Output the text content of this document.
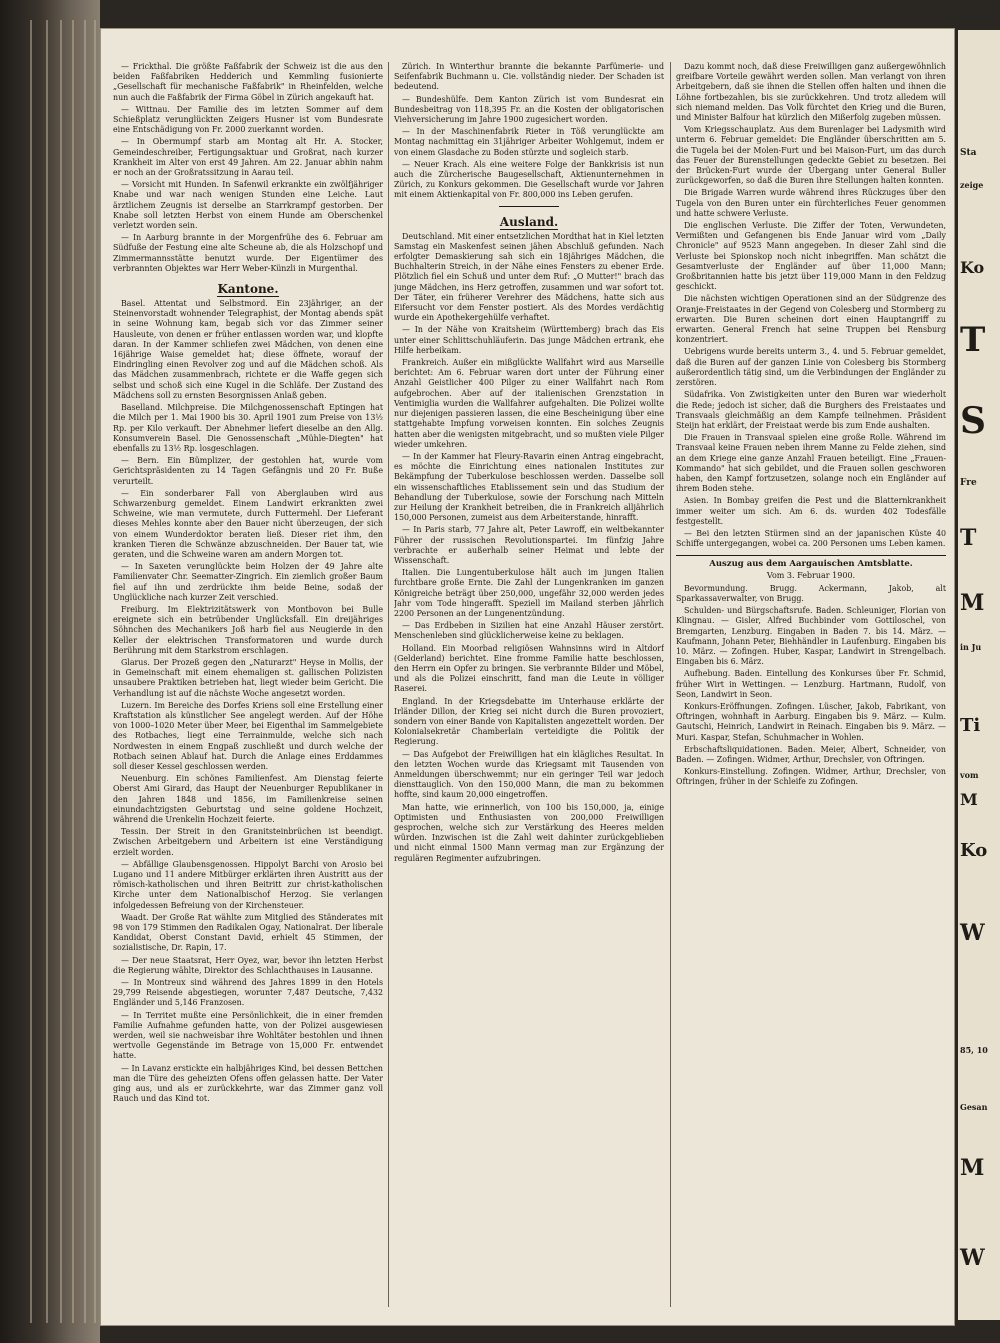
— Frickthal. Die größte Faßfabrik der Schweiz ist die aus den beiden Faßfabriken Hedderich und Kemmling fusionierte „Gesellschaft für mechanische Faßfabrik" in Rheinfelden, welche nun auch die Faßfabrik der Firma Göbel in Zürich angekauft hat.

— Wittnau. Der Familie des im letzten Sommer auf dem Schießplatz verunglückten Zeigers Husner ist vom Bundesrate eine Entschädigung von Fr. 2000 zuerkannt worden.

— In Obermumpf starb am Montag alt Hr. A. Stocker, Gemeindeschreiber, Fertigungsaktuar und Großrat, nach kurzer Krankheit im Alter von erst 49 Jahren. Am 22. Januar abhin nahm er noch an der Großratssitzung in Aarau teil.

— Vorsicht mit Hunden. In Safenwil erkrankte ein zwölfjähriger Knabe und war nach wenigen Stunden eine Leiche. Laut ärztlichem Zeugnis ist derselbe an Starrkrampf gestorben. Der Knabe soll letzten Herbst von einem Hunde am Oberschenkel verletzt worden sein.

— In Aarburg brannte in der Morgenfrühe des 6. Februar am Südfuße der Festung eine alte Scheune ab, die als Holzschopf und Zimmermannsstätte benutzt wurde. Der Eigentümer des verbrannten Objektes war Herr Weber-Künzli in Murgenthal.

Kantone.

Basel. Attentat und Selbstmord. Ein 23jähriger, an der Steinenvorstadt wohnender Telegraphist, der Montag abends spät in seine Wohnung kam, begab sich vor das Zimmer seiner Hausleute, von denen er früher entlassen worden war, und klopfte daran. In der Kammer schliefen zwei Mädchen, von denen eine 16jährige Waise gemeldet hat; diese öffnete, worauf der Eindringling einen Revolver zog und auf die Mädchen schoß. Als das Mädchen zusammenbrach, richtete er die Waffe gegen sich selbst und schoß sich eine Kugel in die Schläfe. Der Zustand des Mädchens soll zu ernsten Besorgnissen Anlaß geben.

Baselland. Milchpreise. Die Milchgenossenschaft Eptingen hat die Milch per 1. Mai 1900 bis 30. April 1901 zum Preise von 13½ Rp. per Kilo verkauft. Der Abnehmer liefert dieselbe an den Allg. Konsumverein Basel. Die Genossenschaft „Mühle-Diegten" hat ebenfalls zu 13½ Rp. losgeschlagen.

— Bern. Ein Bümplizer, der gestohlen hat, wurde vom Gerichtspräsidenten zu 14 Tagen Gefängnis und 20 Fr. Buße verurteilt.

— Ein sonderbarer Fall von Aberglauben wird aus Schwarzenburg gemeldet. Einem Landwirt erkrankten zwei Schweine, wie man vermutete, durch Futtermehl. Der Lieferant dieses Mehles konnte aber den Bauer nicht überzeugen, der sich von einem Wunderdoktor beraten ließ. Dieser riet ihm, den kranken Tieren die Schwänze abzuschneiden. Der Bauer tat, wie geraten, und die Schweine waren am andern Morgen tot.

— In Saxeten verunglückte beim Holzen der 49 Jahre alte Familienvater Chr. Seematter-Zingrich. Ein ziemlich großer Baum fiel auf ihn und zerdrückte ihm beide Beine, sodaß der Unglückliche nach kurzer Zeit verschied.

Freiburg. Im Elektrizitätswerk von Montbovon bei Bulle ereignete sich ein betrübender Unglücksfall. Ein dreijähriges Söhnchen des Mechanikers Joß harb fiel aus Neugierde in den Keller der elektrischen Transformatoren und wurde durch Berührung mit dem Starkstrom erschlagen.

Glarus. Der Prozeß gegen den „Naturarzt" Heyse in Mollis, der in Gemeinschaft mit einem ehemaligen st. gallischen Polizisten unsaubere Praktiken betrieben hat, liegt wieder beim Gericht. Die Verhandlung ist auf die nächste Woche angesetzt worden.

Luzern. Im Bereiche des Dorfes Kriens soll eine Erstellung einer Kraftstation als künstlicher See angelegt werden. Auf der Höhe von 1000–1020 Meter über Meer, bei Eigenthal im Sammelgebiete des Rotbaches, liegt eine Terrainmulde, welche sich nach Nordwesten in einem Engpaß zuschließt und durch welche der Rotbach seinen Ablauf hat. Durch die Anlage eines Erddammes soll dieser Kessel geschlossen werden.

Neuenburg. Ein schönes Familienfest. Am Dienstag feierte Oberst Ami Girard, das Haupt der Neuenburger Republikaner in den Jahren 1848 und 1856, im Familienkreise seinen einundachtzigsten Geburtstag und seine goldene Hochzeit, während die Urenkelin Hochzeit feierte.

Tessin. Der Streit in den Granitsteinbrüchen ist beendigt. Zwischen Arbeitgebern und Arbeitern ist eine Verständigung erzielt worden.

— Abfällige Glaubensgenossen. Hippolyt Barchi von Arosio bei Lugano und 11 andere Mitbürger erklärten ihren Austritt aus der römisch-katholischen und ihren Beitritt zur christ-katholischen Kirche unter dem Nationalbischof Herzog. Sie verlangen infolgedessen Befreiung von der Kirchensteuer.

Waadt. Der Große Rat wählte zum Mitglied des Ständerates mit 98 von 179 Stimmen den Radikalen Ogay, Nationalrat. Der liberale Kandidat, Oberst Constant David, erhielt 45 Stimmen, der sozialistische, Dr. Rapin, 17.

— Der neue Staatsrat, Herr Oyez, war, bevor ihn letzten Herbst die Regierung wählte, Direktor des Schlachthauses in Lausanne.

— In Montreux sind während des Jahres 1899 in den Hotels 29,799 Reisende abgestiegen, worunter 7,487 Deutsche, 7,432 Engländer und 5,146 Franzosen.

— In Territet mußte eine Persönlichkeit, die in einer fremden Familie Aufnahme gefunden hatte, von der Polizei ausgewiesen werden, weil sie nachweisbar ihre Wohltäter bestohlen und ihnen wertvolle Gegenstände im Betrage von 15,000 Fr. entwendet hatte.

— In Lavanz erstickte ein halbjähriges Kind, bei dessen Bettchen man die Türe des geheizten Ofens offen gelassen hatte. Der Vater ging aus, und als er zurückkehrte, war das Zimmer ganz voll Rauch und das Kind tot.

Zürich. In Winterthur brannte die bekannte Parfümerie- und Seifenfabrik Buchmann u. Cie. vollständig nieder. Der Schaden ist bedeutend.

— Bundeshülfe. Dem Kanton Zürich ist vom Bundesrat ein Bundesbeitrag von 118,395 Fr. an die Kosten der obligatorischen Viehversicherung im Jahre 1900 zugesichert worden.

— In der Maschinenfabrik Rieter in Töß verunglückte am Montag nachmittag ein 31jähriger Arbeiter Wohlgemut, indem er von einem Glasdache zu Boden stürzte und sogleich starb.

— Neuer Krach. Als eine weitere Folge der Bankkrisis ist nun auch die Zürcherische Baugesellschaft, Aktienunternehmen in Zürich, zu Konkurs gekommen. Die Gesellschaft wurde vor Jahren mit einem Aktienkapital von Fr. 800,000 ins Leben gerufen.

Ausland.

Deutschland. Mit einer entsetzlichen Mordthat hat in Kiel letzten Samstag ein Maskenfest seinen jähen Abschluß gefunden. Nach erfolgter Demaskierung sah sich ein 18jähriges Mädchen, die Buchhalterin Streich, in der Nähe eines Fensters zu ebener Erde. Plötzlich fiel ein Schuß und unter dem Ruf: „O Mutter!" brach das junge Mädchen, ins Herz getroffen, zusammen und war sofort tot. Der Täter, ein früherer Verehrer des Mädchens, hatte sich aus Eifersucht vor dem Fenster postiert. Als des Mordes verdächtig wurde ein Apothekergehülfe verhaftet.

— In der Nähe von Kraitsheim (Württemberg) brach das Eis unter einer Schlittschuhläuferin. Das junge Mädchen ertrank, ehe Hilfe herbeikam.

Frankreich. Außer ein mißglückte Wallfahrt wird aus Marseille berichtet: Am 6. Februar waren dort unter der Führung einer Anzahl Geistlicher 400 Pilger zu einer Wallfahrt nach Rom aufgebrochen. Aber auf der italienischen Grenzstation in Ventimiglia wurden die Wallfahrer aufgehalten. Die Polizei wollte nur diejenigen passieren lassen, die eine Bescheinigung über eine stattgehabte Impfung vorweisen konnten. Ein solches Zeugnis hatten aber die wenigsten mitgebracht, und so mußten viele Pilger wieder umkehren.

— In der Kammer hat Fleury-Ravarin einen Antrag eingebracht, es möchte die Einrichtung eines nationalen Institutes zur Bekämpfung der Tuberkulose beschlossen werden. Dasselbe soll ein wissenschaftliches Etablissement sein und das Studium der Behandlung der Tuberkulose, sowie der Forschung nach Mitteln zur Heilung der Krankheit betreiben, die in Frankreich alljährlich 150,000 Personen, zumeist aus dem Arbeiterstande, hinrafft.

— In Paris starb, 77 Jahre alt, Peter Lawroff, ein weltbekannter Führer der russischen Revolutionspartei. Im fünfzig Jahre verbrachte er außerhalb seiner Heimat und lebte der Wissenschaft.

Italien. Die Lungentuberkulose hält auch im jungen Italien furchtbare große Ernte. Die Zahl der Lungenkranken im ganzen Königreiche beträgt über 250,000, ungefähr 32,000 werden jedes Jahr vom Tode hingerafft. Speziell im Mailand sterben jährlich 2200 Personen an der Lungenentzündung.

— Das Erdbeben in Sizilien hat eine Anzahl Häuser zerstört. Menschenleben sind glücklicherweise keine zu beklagen.

Holland. Ein Moorbad religiösen Wahnsinns wird in Altdorf (Gelderland) berichtet. Eine fromme Familie hatte beschlossen, den Herrn ein Opfer zu bringen. Sie verbrannte Bilder und Möbel, und als die Polizei einschritt, fand man die Leute in völliger Raserei.

England. In der Kriegsdebatte im Unterhause erklärte der Irländer Dillon, der Krieg sei nicht durch die Buren provoziert, sondern von einer Bande von Kapitalisten angezettelt worden. Der Kolonialsekretär Chamberlain verteidigte die Politik der Regierung.

— Das Aufgebot der Freiwilligen hat ein klägliches Resultat. In den letzten Wochen wurde das Kriegsamt mit Tausenden von Anmeldungen überschwemmt; nur ein geringer Teil war jedoch diensttauglich. Von den 150,000 Mann, die man zu bekommen hoffte, sind kaum 20,000 eingetroffen.

Man hatte, wie erinnerlich, von 100 bis 150,000, ja, einige Optimisten und Enthusiasten von 200,000 Freiwilligen gesprochen, welche sich zur Verstärkung des Heeres melden würden. Inzwischen ist die Zahl weit dahinter zurückgeblieben und nicht einmal 1500 Mann vermag man zur Ergänzung der regulären Regimenter aufzubringen.

Dazu kommt noch, daß diese Freiwilligen ganz außergewöhnlich greifbare Vorteile gewährt werden sollen. Man verlangt von ihren Arbeitgebern, daß sie ihnen die Stellen offen halten und ihnen die Löhne fortbezahlen, bis sie zurückkehren. Und trotz alledem will sich niemand melden. Das Volk fürchtet den Krieg und die Buren, und Minister Balfour hat kürzlich den Mißerfolg zugeben müssen.

Vom Kriegsschauplatz. Aus dem Burenlager bei Ladysmith wird unterm 6. Februar gemeldet: Die Engländer überschritten am 5. die Tugela bei der Molen-Furt und bei Maison-Furt, um das durch das Feuer der Burenstellungen gedeckte Gebiet zu besetzen. Bei der Brücken-Furt wurde der Übergang unter General Buller zurückgeworfen, so daß die Buren ihre Stellungen halten konnten.

Die Brigade Warren wurde während ihres Rückzuges über den Tugela von den Buren unter ein fürchterliches Feuer genommen und hatte schwere Verluste.

Die englischen Verluste. Die Ziffer der Toten, Verwundeten, Vermißten und Gefangenen bis Ende Januar wird vom „Daily Chronicle" auf 9523 Mann angegeben. In dieser Zahl sind die Verluste bei Spionskop noch nicht inbegriffen. Man schätzt die Gesamtverluste der Engländer auf über 11,000 Mann; Großbritannien hatte bis jetzt über 119,000 Mann in den Feldzug geschickt.

Die nächsten wichtigen Operationen sind an der Südgrenze des Oranje-Freistaates in der Gegend von Colesberg und Stormberg zu erwarten. Die Buren scheinen dort einen Hauptangriff zu erwarten. General French hat seine Truppen bei Rensburg konzentriert.

Uebrigens wurde bereits unterm 3., 4. und 5. Februar gemeldet, daß die Buren auf der ganzen Linie von Colesberg bis Stormberg außerordentlich tätig sind, um die Verbindungen der Engländer zu zerstören.

Südafrika. Von Zwistigkeiten unter den Buren war wiederholt die Rede; jedoch ist sicher, daß die Burghers des Freistaates und Transvaals gleichmäßig an dem Kampfe teilnehmen. Präsident Steijn hat erklärt, der Freistaat werde bis zum Ende aushalten.

Die Frauen in Transvaal spielen eine große Rolle. Während im Transvaal keine Frauen neben ihrem Manne zu Felde ziehen, sind an dem Kriege eine ganze Anzahl Frauen beteiligt. Eine „Frauen-Kommando" hat sich gebildet, und die Frauen sollen geschworen haben, den Kampf fortzusetzen, solange noch ein Engländer auf ihrem Boden stehe.

Asien. In Bombay greifen die Pest und die Blatternkrankheit immer weiter um sich. Am 6. ds. wurden 402 Todesfälle festgestellt.

— Bei den letzten Stürmen sind an der japanischen Küste 40 Schiffe untergegangen, wobei ca. 200 Personen ums Leben kamen.

Auszug aus dem Aargauischen Amtsblatte.
Vom 3. Februar 1900.

Bevormundung. Brugg. Ackermann, Jakob, alt Sparkassaverwalter, von Brugg.

Schulden- und Bürgschaftsrufe. Baden. Schleuniger, Florian von Klingnau. — Gisler, Alfred Buchbinder vom Gottiloschel, von Bremgarten, Lenzburg. Eingaben in Baden 7. bis 14. März. — Kaufmann, Johann Peter, Biehhändler in Laufenburg. Eingaben bis 10. März. — Zofingen. Huber, Kaspar, Landwirt in Strengelbach. Eingaben bis 6. März.

Aufhebung. Baden. Eintellung des Konkurses über Fr. Schmid, früher Wirt in Wettingen. — Lenzburg. Hartmann, Rudolf, von Seon, Landwirt in Seon.

Konkurs-Eröffnungen. Zofingen. Lüscher, Jakob, Fabrikant, von Oftringen, wohnhaft in Aarburg. Eingaben bis 9. März. — Kulm. Gautschi, Heinrich, Landwirt in Reinach. Eingaben bis 9. März. — Muri. Kaspar, Stefan, Schuhmacher in Wohlen.

Erbschaftsliquidationen. Baden. Meier, Albert, Schneider, von Baden. — Zofingen. Widmer, Arthur, Drechsler, von Oftringen.

Konkurs-Einstellung. Zofingen. Widmer, Arthur, Drechsler, von Oftringen, früher in der Schleife zu Zofingen.

Sta
zeige
Ko
T
S
Fre
T
M
in Ju
Ti
vom
M
Ko
W
85, 10
Gesan
M
W
